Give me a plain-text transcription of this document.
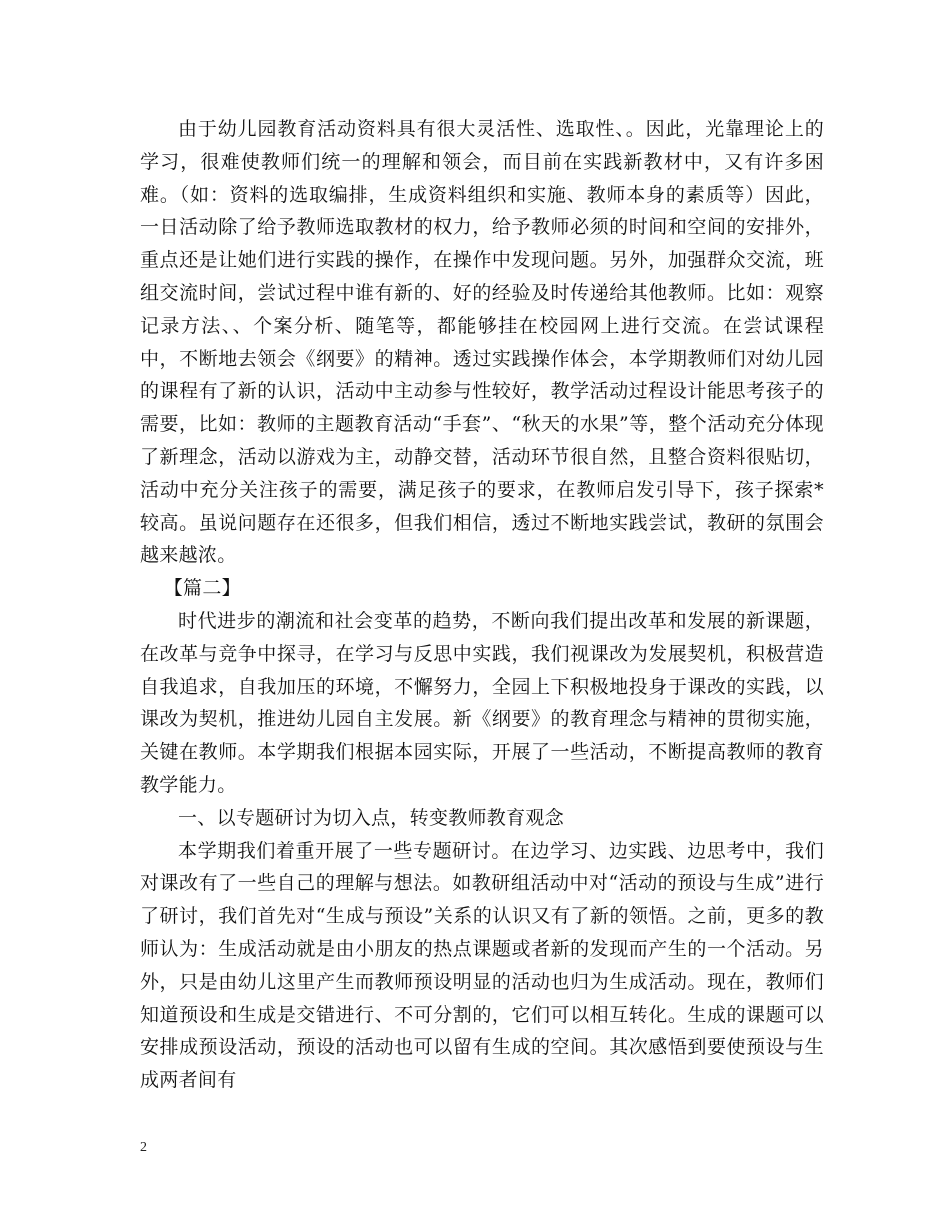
由于幼儿园教育活动资料具有很大灵活性、选取性、。因此，光靠理论上的学习，很难使教师们统一的理解和领会，而目前在实践新教材中，又有许多困难。（如：资料的选取编排，生成资料组织和实施、教师本身的素质等）因此，一日活动除了给予教师选取教材的权力，给予教师必须的时间和空间的安排外，重点还是让她们进行实践的操作，在操作中发现问题。另外，加强群众交流，班组交流时间，尝试过程中谁有新的、好的经验及时传递给其他教师。比如：观察记录方法、、个案分析、随笔等，都能够挂在校园网上进行交流。在尝试课程中，不断地去领会《纲要》的精神。透过实践操作体会，本学期教师们对幼儿园的课程有了新的认识，活动中主动参与性较好，教学活动过程设计能思考孩子的需要，比如：教师的主题教育活动“手套”、“秋天的水果”等，整个活动充分体现了新理念，活动以游戏为主，动静交替，活动环节很自然，且整合资料很贴切，活动中充分关注孩子的需要，满足孩子的要求，在教师启发引导下，孩子探索*较高。虽说问题存在还很多，但我们相信，透过不断地实践尝试，教研的氛围会越来越浓。

【篇二】

时代进步的潮流和社会变革的趋势，不断向我们提出改革和发展的新课题，在改革与竞争中探寻，在学习与反思中实践，我们视课改为发展契机，积极营造自我追求，自我加压的环境，不懈努力，全园上下积极地投身于课改的实践，以课改为契机，推进幼儿园自主发展。新《纲要》的教育理念与精神的贯彻实施，关键在教师。本学期我们根据本园实际，开展了一些活动，不断提高教师的教育教学能力。

一、以专题研讨为切入点，转变教师教育观念

本学期我们着重开展了一些专题研讨。在边学习、边实践、边思考中，我们对课改有了一些自己的理解与想法。如教研组活动中对“活动的预设与生成”进行了研讨，我们首先对“生成与预设”关系的认识又有了新的领悟。之前，更多的教师认为：生成活动就是由小朋友的热点课题或者新的发现而产生的一个活动。另外，只是由幼儿这里产生而教师预设明显的活动也归为生成活动。现在，教师们知道预设和生成是交错进行、不可分割的，它们可以相互转化。生成的课题可以安排成预设活动，预设的活动也可以留有生成的空间。其次感悟到要使预设与生成两者间有

2
